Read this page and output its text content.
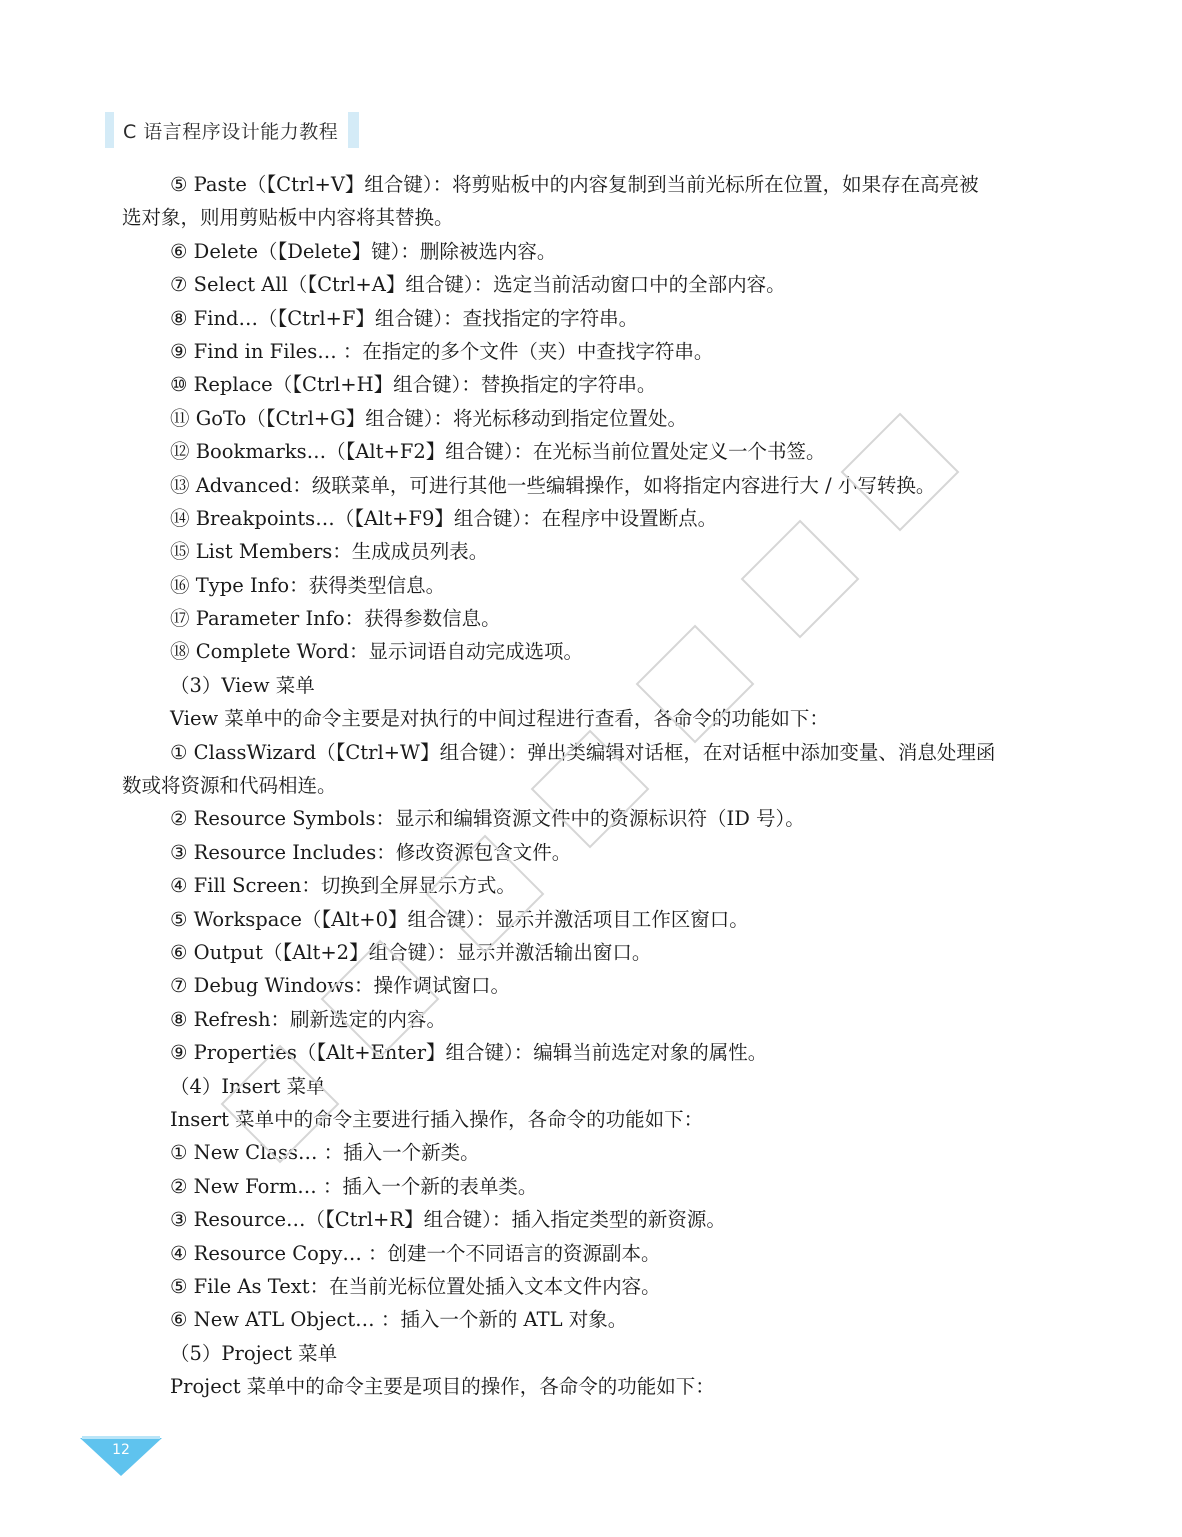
C 语言程序设计能力教程
⑤ Paste（【Ctrl+V】组合键）：将剪贴板中的内容复制到当前光标所在位置，如果存在高亮被
选对象，则用剪贴板中内容将其替换。
⑥ Delete（【Delete】键）：删除被选内容。
⑦ Select All（【Ctrl+A】组合键）：选定当前活动窗口中的全部内容。
⑧ Find…（【Ctrl+F】组合键）：查找指定的字符串。
⑨ Find in Files… ：在指定的多个文件（夹）中查找字符串。
⑩ Replace（【Ctrl+H】组合键）：替换指定的字符串。
⑪ GoTo（【Ctrl+G】组合键）：将光标移动到指定位置处。
⑫ Bookmarks…（【Alt+F2】组合键）：在光标当前位置处定义一个书签。
⑬ Advanced：级联菜单，可进行其他一些编辑操作，如将指定内容进行大 / 小写转换。
⑭ Breakpoints…（【Alt+F9】组合键）：在程序中设置断点。
⑮ List Members：生成成员列表。
⑯ Type Info：获得类型信息。
⑰ Parameter Info：获得参数信息。
⑱ Complete Word：显示词语自动完成选项。
（3）View 菜单
View 菜单中的命令主要是对执行的中间过程进行查看，各命令的功能如下：
① ClassWizard（【Ctrl+W】组合键）：弹出类编辑对话框，在对话框中添加变量、消息处理函
数或将资源和代码相连。
② Resource Symbols：显示和编辑资源文件中的资源标识符（ID 号）。
③ Resource Includes：修改资源包含文件。
④ Fill Screen：切换到全屏显示方式。
⑤ Workspace（【Alt+0】组合键）：显示并激活项目工作区窗口。
⑥ Output（【Alt+2】组合键）：显示并激活输出窗口。
⑦ Debug Windows：操作调试窗口。
⑧ Refresh：刷新选定的内容。
⑨ Properties（【Alt+Enter】组合键）：编辑当前选定对象的属性。
（4）Insert 菜单
Insert 菜单中的命令主要进行插入操作，各命令的功能如下：
① New Class… ：插入一个新类。
② New Form… ：插入一个新的表单类。
③ Resource…（【Ctrl+R】组合键）：插入指定类型的新资源。
④ Resource Copy… ：创建一个不同语言的资源副本。
⑤ File As Text：在当前光标位置处插入文本文件内容。
⑥ New ATL Object… ：插入一个新的 ATL 对象。
（5）Project 菜单
Project 菜单中的命令主要是项目的操作，各命令的功能如下：
12
